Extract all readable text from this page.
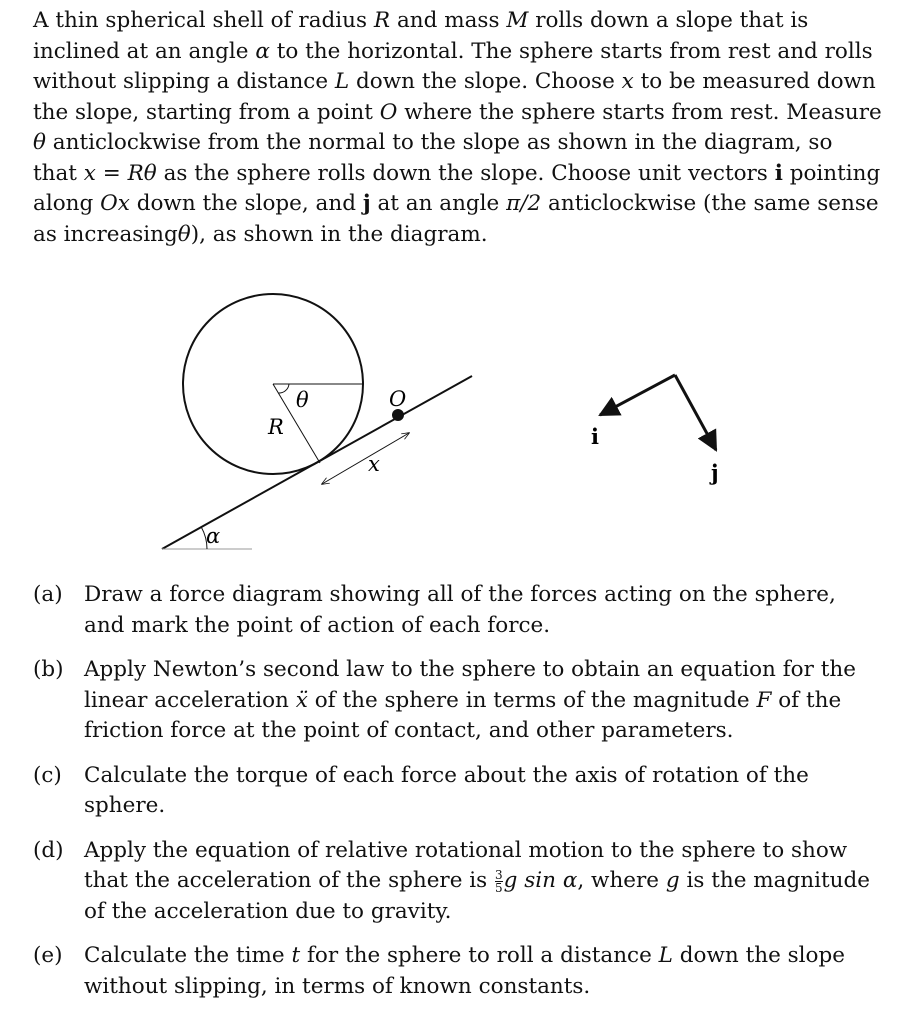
A thin spherical shell of radius R and mass M rolls down a slope that is inclined at an angle α to the horizontal. The sphere starts from rest and rolls without slipping a distance L down the slope. Choose x to be measured down the slope, starting from a point O where the sphere starts from rest. Measure θ anticlockwise from the normal to the slope as shown in the diagram, so that x = Rθ as the sphere rolls down the slope. Choose unit vectors i pointing along Ox down the slope, and j at an angle π/2 anticlockwise (the same sense as increasingθ), as shown in the diagram.
θ	O
R
x
α
i
j
(a) Draw a force diagram showing all of the forces acting on the sphere, and mark the point of action of each force.
(b) Apply Newton’s second law to the sphere to obtain an equation for the linear acceleration ẍ of the sphere in terms of the magnitude F of the friction force at the point of contact, and other parameters.
(c) Calculate the torque of each force about the axis of rotation of the sphere.
(d) Apply the equation of relative rotational motion to the sphere to show that the acceleration of the sphere is $\frac{3}{5}$ g sin α, where g is the magnitude of the acceleration due to gravity.
(e) Calculate the time t for the sphere to roll a distance L down the slope without slipping, in terms of known constants.
